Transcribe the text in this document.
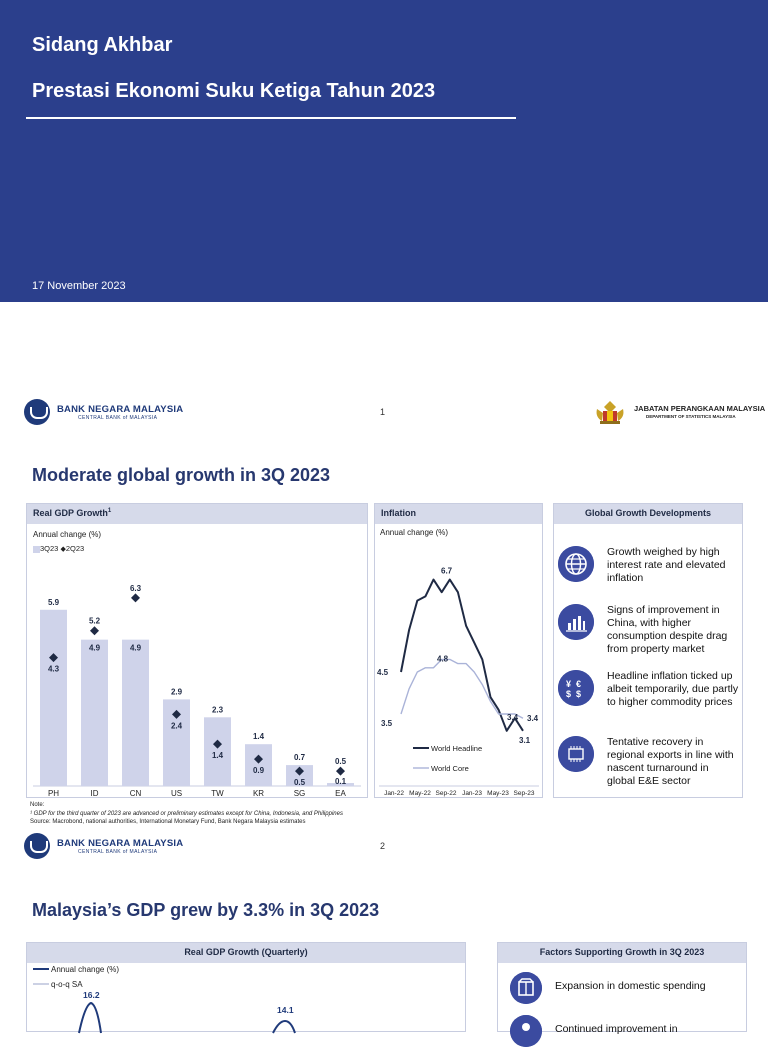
Sidang Akhbar
Prestasi Ekonomi Suku Ketiga Tahun 2023
17 November 2023
BANK NEGARA MALAYSIA
CENTRAL BANK of MALAYSIA
1	JABATAN PERANGKAAN MALAYSIA
DEPARTMENT OF STATISTICS MALAYSIA
Moderate global growth in 3Q 2023
Real GDP Growth$^1$
Annual change (%)
3Q23 ◆2Q23
PH
5.9
4.3
ID
4.9
5.2
CN
4.9
6.3
US
2.9
2.4
TW
2.3
1.4
KR
1.4
0.9
SG
0.7
0.5
EA
0.1
0.5
Inflation
Annual change (%)
4.5
6.7
3.5
4.8
3.4 3.4
3.1
World Headline
World Core
Jan-22 May-22 Sep-22 Jan-23 May-23 Sep-23
Global Growth Developments
Growth weighed by high interest rate and elevated inflation
Signs of improvement in China, with higher consumption despite drag from property market
¥ €
$ $
Headline inflation ticked up albeit temporarily, due partly to higher commodity prices
Tentative recovery in regional exports in line with nascent turnaround in global E&E sector
Note:
¹ GDP for the third quarter of 2023 are advanced or preliminary estimates except for China, Indonesia, and Philippines
Source: Macrobond, national authorities, International Monetary Fund, Bank Negara Malaysia estimates
BANK NEGARA MALAYSIA
CENTRAL BANK of MALAYSIA
2
Malaysia’s GDP grew by 3.3% in 3Q 2023
Real GDP Growth (Quarterly)
Annual change (%)
q-o-q SA
16.2
14.1
Factors Supporting Growth in 3Q 2023
Expansion in domestic spending
Continued improvement in
